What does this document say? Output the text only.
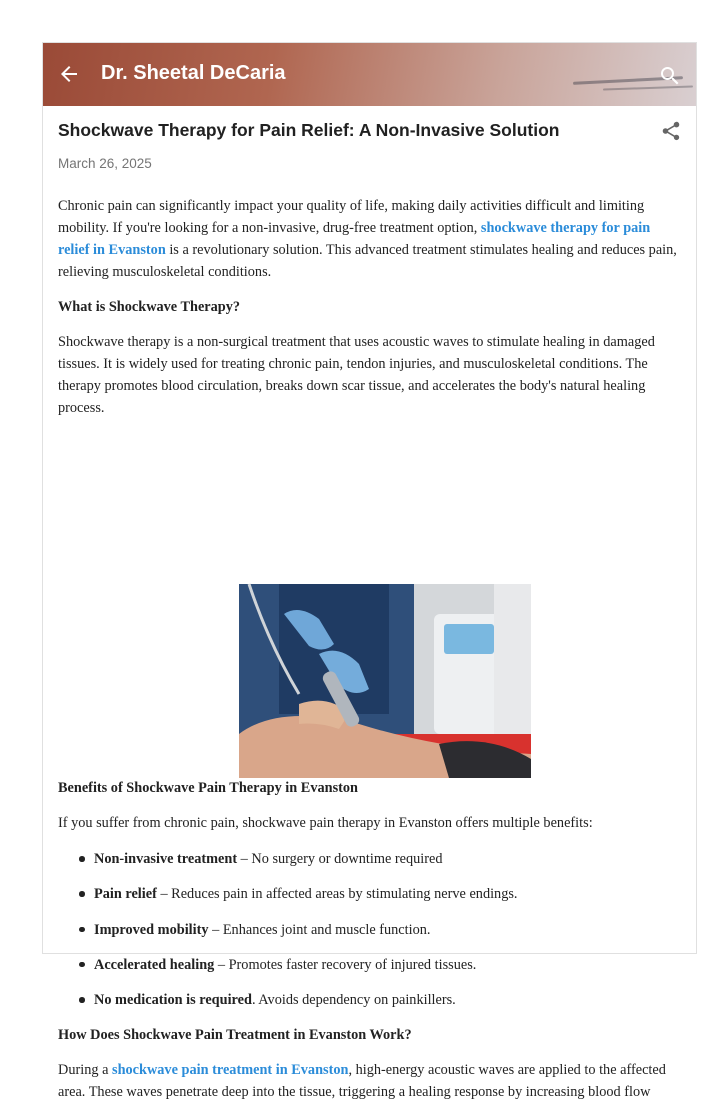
Dr. Sheetal DeCaria
Shockwave Therapy for Pain Relief: A Non-Invasive Solution
March 26, 2025

Chronic pain can significantly impact your quality of life, making daily activities difficult and limiting mobility. If you're looking for a non-invasive, drug-free treatment option, shockwave therapy for pain relief in Evanston is a revolutionary solution. This advanced treatment stimulates healing and reduces pain, relieving musculoskeletal conditions.

What is Shockwave Therapy?

Shockwave therapy is a non-surgical treatment that uses acoustic waves to stimulate healing in damaged tissues. It is widely used for treating chronic pain, tendon injuries, and musculoskeletal conditions. The therapy promotes blood circulation, breaks down scar tissue, and accelerates the body's natural healing process.

Benefits of Shockwave Pain Therapy in Evanston

If you suffer from chronic pain, shockwave pain therapy in Evanston offers multiple benefits:

Non-invasive treatment – No surgery or downtime required
Pain relief – Reduces pain in affected areas by stimulating nerve endings.
Improved mobility – Enhances joint and muscle function.
Accelerated healing – Promotes faster recovery of injured tissues.
No medication is required. Avoids dependency on painkillers.

How Does Shockwave Pain Treatment in Evanston Work?

During a shockwave pain treatment in Evanston, high-energy acoustic waves are applied to the affected area. These waves penetrate deep into the tissue, triggering a healing response by increasing blood flow
